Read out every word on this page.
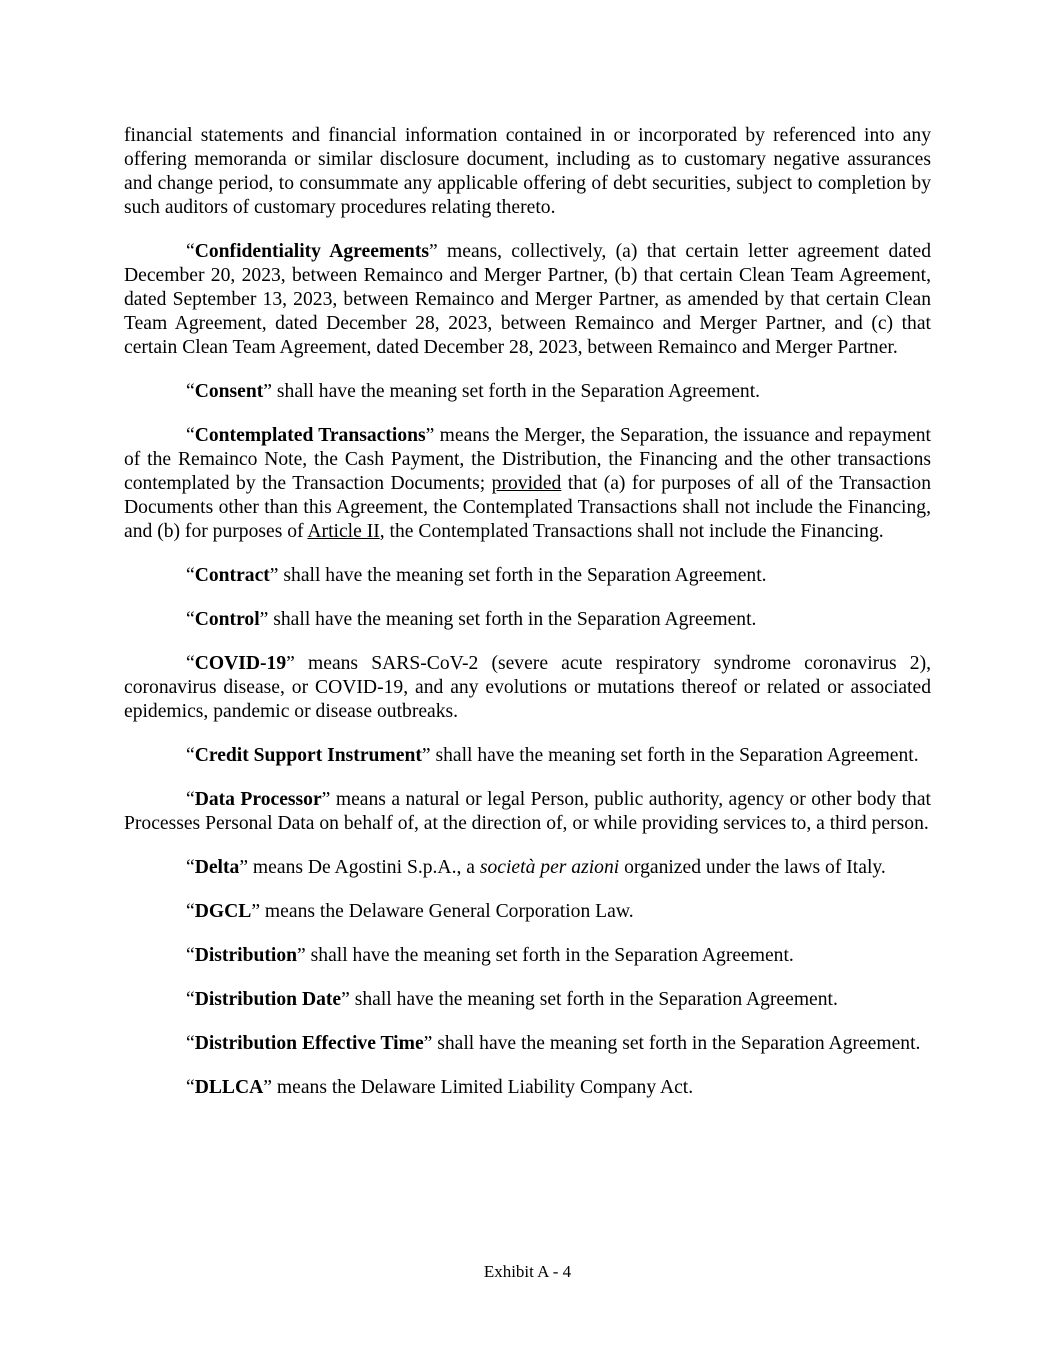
financial statements and financial information contained in or incorporated by referenced into any offering memoranda or similar disclosure document, including as to customary negative assurances and change period, to consummate any applicable offering of debt securities, subject to completion by such auditors of customary procedures relating thereto.

“Confidentiality Agreements” means, collectively, (a) that certain letter agreement dated December 20, 2023, between Remainco and Merger Partner, (b) that certain Clean Team Agreement, dated September 13, 2023, between Remainco and Merger Partner, as amended by that certain Clean Team Agreement, dated December 28, 2023, between Remainco and Merger Partner, and (c) that certain Clean Team Agreement, dated December 28, 2023, between Remainco and Merger Partner.

“Consent” shall have the meaning set forth in the Separation Agreement.

“Contemplated Transactions” means the Merger, the Separation, the issuance and repayment of the Remainco Note, the Cash Payment, the Distribution, the Financing and the other transactions contemplated by the Transaction Documents; provided that (a) for purposes of all of the Transaction Documents other than this Agreement, the Contemplated Transactions shall not include the Financing, and (b) for purposes of Article II, the Contemplated Transactions shall not include the Financing.

“Contract” shall have the meaning set forth in the Separation Agreement.

“Control” shall have the meaning set forth in the Separation Agreement.

“COVID-19” means SARS-CoV-2 (severe acute respiratory syndrome coronavirus 2), coronavirus disease, or COVID-19, and any evolutions or mutations thereof or related or associated epidemics, pandemic or disease outbreaks.

“Credit Support Instrument” shall have the meaning set forth in the Separation Agreement.

“Data Processor” means a natural or legal Person, public authority, agency or other body that Processes Personal Data on behalf of, at the direction of, or while providing services to, a third person.

“Delta” means De Agostini S.p.A., a società per azioni organized under the laws of Italy.

“DGCL” means the Delaware General Corporation Law.

“Distribution” shall have the meaning set forth in the Separation Agreement.

“Distribution Date” shall have the meaning set forth in the Separation Agreement.

“Distribution Effective Time” shall have the meaning set forth in the Separation Agreement.

“DLLCA” means the Delaware Limited Liability Company Act.

Exhibit A - 4
